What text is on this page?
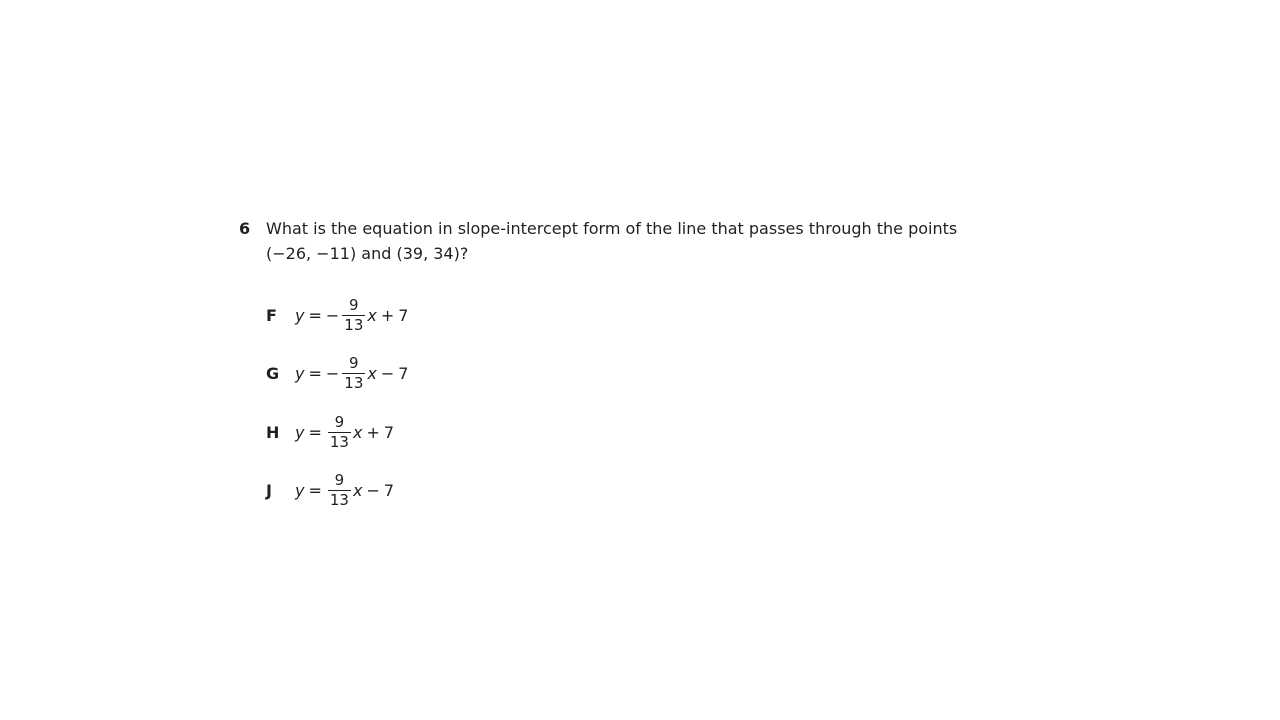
6 What is the equation in slope-intercept form of the line that passes through the points (−26, −11) and (39, 34)?
F	y = − $\frac{9}{13}$ x + 7
G y = − $\frac{9}{13}$ x − 7
H $y = \frac{9}{13}$ x + 7
J	$y = \frac{9}{13}$ x − 7
